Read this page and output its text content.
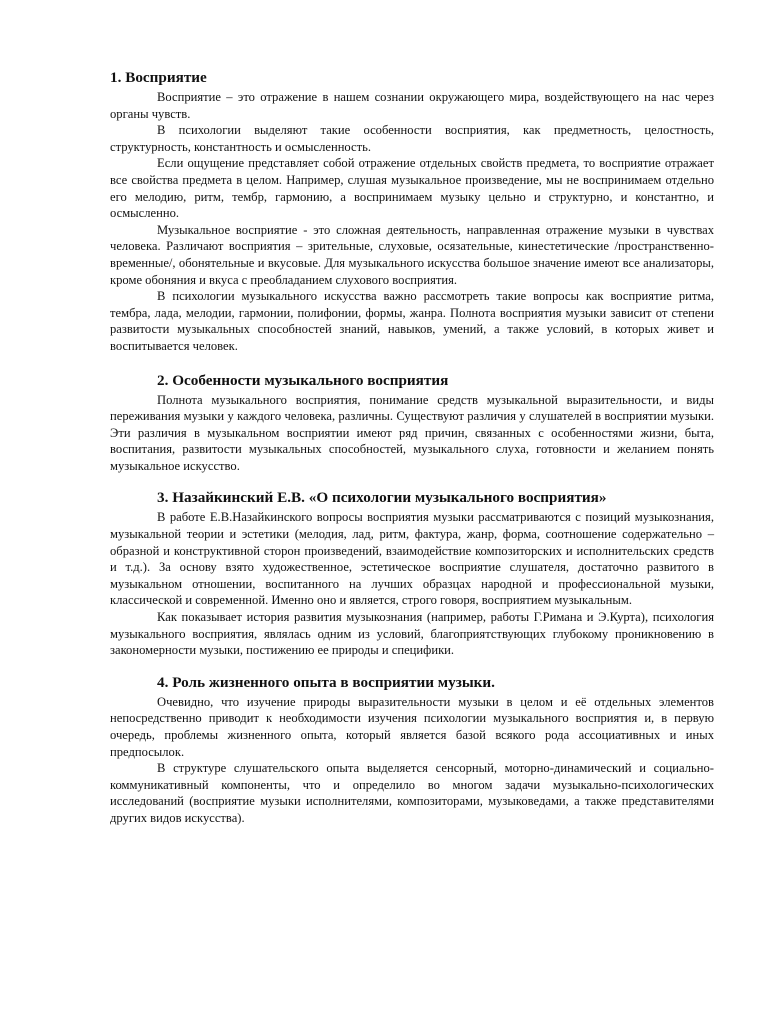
1. Восприятие

Восприятие – это отражение в нашем сознании окружающего мира, воздействующего на нас через органы чувств.

В психологии выделяют такие особенности восприятия, как предметность, целостность, структурность, константность и осмысленность.

Если ощущение представляет собой отражение отдельных свойств предмета, то восприятие отражает все свойства предмета в целом. Например, слушая музыкальное произведение, мы не воспринимаем отдельно его мелодию, ритм, тембр, гармонию, а воспринимаем музыку цельно и структурно, и константно, и осмысленно.

Музыкальное восприятие - это сложная деятельность, направленная отражение музыки в чувствах человека. Различают восприятия – зрительные, слуховые, осязательные, кинестетические /пространственно-временные/, обонятельные и вкусовые. Для музыкального искусства большое значение имеют все анализаторы, кроме обоняния и вкуса с преобладанием слухового восприятия.

В психологии музыкального искусства важно рассмотреть такие вопросы как восприятие ритма, тембра, лада, мелодии, гармонии, полифонии, формы, жанра. Полнота восприятия музыки зависит от степени развитости музыкальных способностей знаний, навыков, умений, а также условий, в которых живет и воспитывается человек.

2. Особенности музыкального восприятия

Полнота музыкального восприятия, понимание средств музыкальной выразительности, и виды переживания музыки у каждого человека, различны. Существуют различия у слушателей в восприятии музыки. Эти различия в музыкальном восприятии имеют ряд причин, связанных с особенностями жизни, быта, воспитания, развитости музыкальных способностей, музыкального слуха, готовности и желанием понять музыкальное искусство.

3. Назайкинский Е.В. «О психологии музыкального восприятия»

В работе Е.В.Назайкинского вопросы восприятия музыки рассматриваются с позиций музыкознания, музыкальной теории и эстетики (мелодия, лад, ритм, фактура, жанр, форма, соотношение содержательно – образной и конструктивной сторон произведений, взаимодействие композиторских и исполнительских средств и т.д.). За основу взято художественное, эстетическое восприятие слушателя, достаточно развитого в музыкальном отношении, воспитанного на лучших образцах народной и профессиональной музыки, классической и современной. Именно оно и является, строго говоря, восприятием музыкальным.

Как показывает история развития музыкознания (например, работы Г.Римана и Э.Курта), психология музыкального восприятия, являлась одним из условий, благоприятствующих глубокому проникновению в закономерности музыки, постижению ее природы и специфики.

4. Роль жизненного опыта в восприятии музыки.

Очевидно, что изучение природы выразительности музыки в целом и её отдельных элементов непосредственно приводит к необходимости изучения психологии музыкального восприятия и, в первую очередь, проблемы жизненного опыта, который является базой всякого рода ассоциативных и иных предпосылок.

В структуре слушательского опыта выделяется сенсорный, моторно-динамический и социально-коммуникативный компоненты, что и определило во многом задачи музыкально-психологических исследований (восприятие музыки исполнителями, композиторами, музыковедами, а также представителями других видов искусства).
